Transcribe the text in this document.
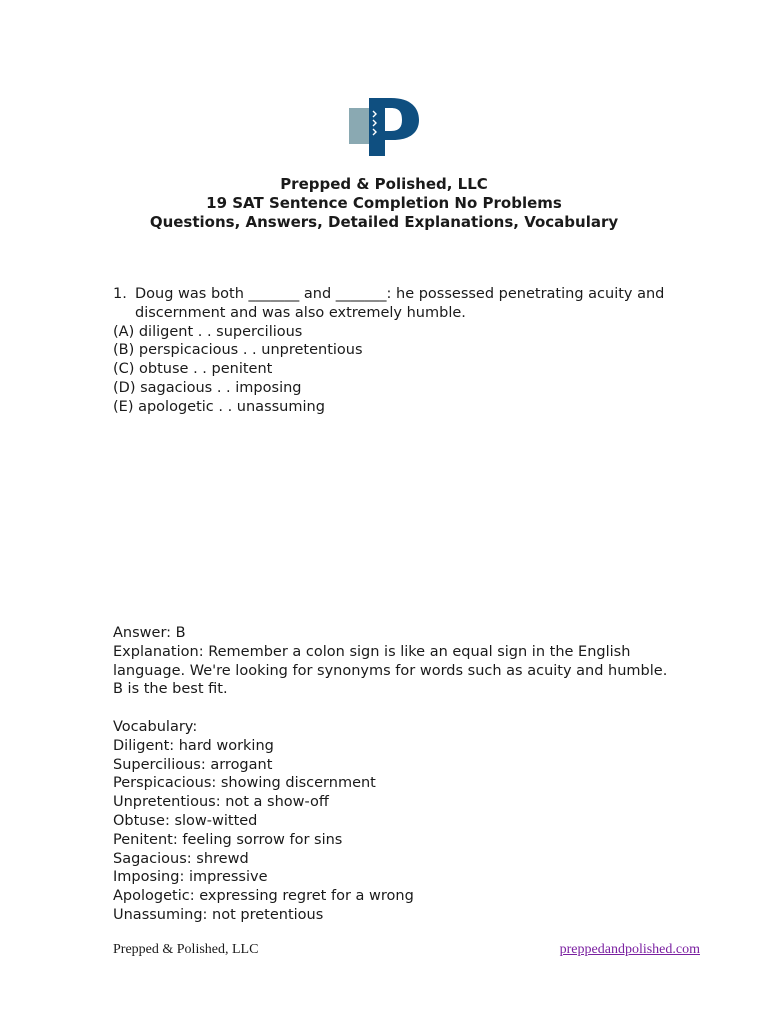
Prepped & Polished, LLC
19 SAT Sentence Completion No Problems
Questions, Answers, Detailed Explanations, Vocabulary
1. Doug was both _______ and _______: he possessed penetrating acuity and discernment and was also extremely humble.
(A) diligent . . supercilious
(B) perspicacious . . unpretentious
(C) obtuse . . penitent
(D) sagacious . . imposing
(E) apologetic . . unassuming
Answer: B
Explanation: Remember a colon sign is like an equal sign in the English language. We're looking for synonyms for words such as acuity and humble. B is the best fit.
Vocabulary:
Diligent: hard working
Supercilious: arrogant
Perspicacious: showing discernment
Unpretentious: not a show-off
Obtuse: slow-witted
Penitent: feeling sorrow for sins
Sagacious: shrewd
Imposing: impressive
Apologetic: expressing regret for a wrong
Unassuming: not pretentious
Prepped & Polished, LLC	preppedandpolished.com
